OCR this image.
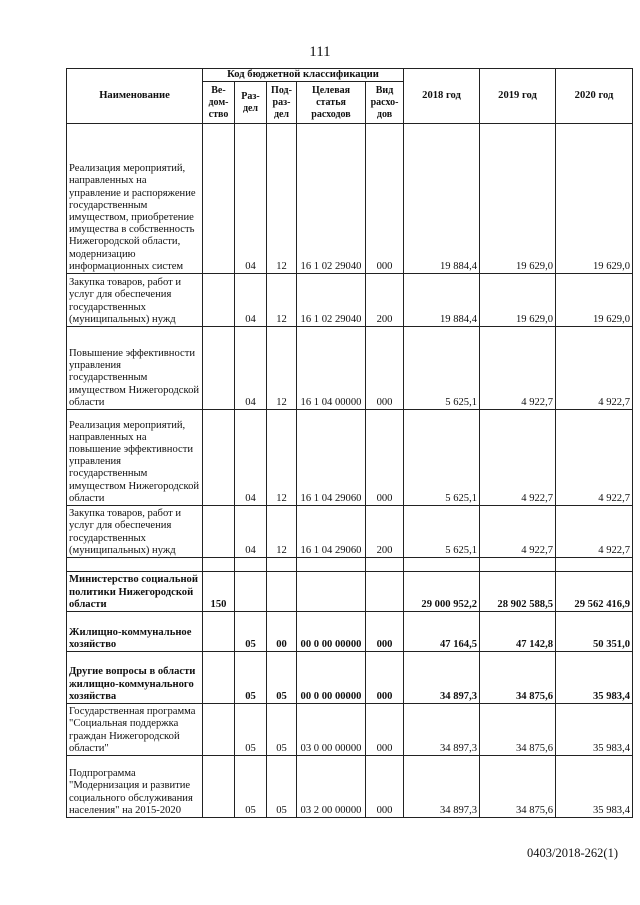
111
Наименование	Код бюджетной классификации					2018 год	2019 год	2020 год
	Ве-дом-ство	Раз-дел	Под-раз-дел	Целевая статья расходов	Вид расхо-дов			
Реализация мероприятий, направленных на управление и распоряжение государственным имуществом, приобретение имущества в собственность Нижегородской области, модернизацию информационных систем		04	12	16 1 02 29040	000	19 884,4	19 629,0	19 629,0
Закупка товаров, работ и услуг для обеспечения государственных (муниципальных) нужд		04	12	16 1 02 29040	200	19 884,4	19 629,0	19 629,0
Повышение эффективности управления государственным имуществом Нижегородской области		04	12	16 1 04 00000	000	5 625,1	4 922,7	4 922,7
Реализация мероприятий, направленных на повышение эффективности управления государственным имуществом Нижегородской области		04	12	16 1 04 29060	000	5 625,1	4 922,7	4 922,7
Закупка товаров, работ и услуг для обеспечения государственных (муниципальных) нужд		04	12	16 1 04 29060	200	5 625,1	4 922,7	4 922,7

Министерство социальной политики Нижегородской области	150					29 000 952,2	28 902 588,5	29 562 416,9
Жилищно-коммунальное хозяйство		05	00	00 0 00 00000	000	47 164,5	47 142,8	50 351,0
Другие вопросы в области жилищно-коммунального хозяйства		05	05	00 0 00 00000	000	34 897,3	34 875,6	35 983,4
Государственная программа "Социальная поддержка граждан Нижегородской области"		05	05	03 0 00 00000	000	34 897,3	34 875,6	35 983,4
Подпрограмма "Модернизация и развитие социального обслуживания населения" на 2015-2020		05	05	03 2 00 00000	000	34 897,3	34 875,6	35 983,4
0403/2018-262(1)
